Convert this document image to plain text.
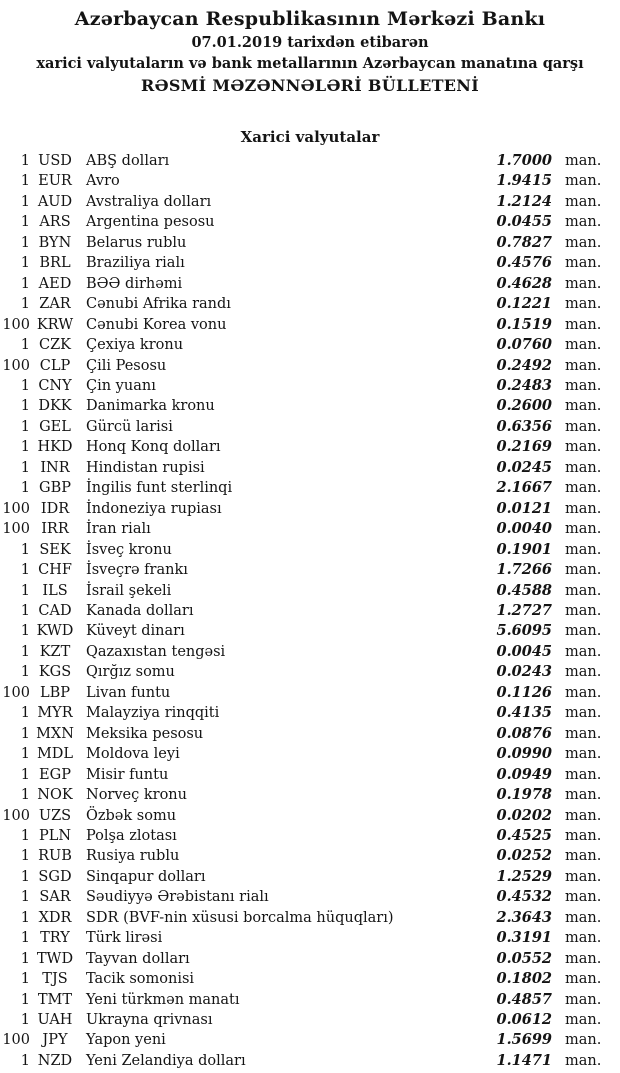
Azərbaycan Respublikasının Mərkəzi Bankı
07.01.2019 tarixdən etibarən
xarici valyutaların və bank metallarının Azərbaycan manatına qarşı
RƏSMİ MƏZƏNNƏLƏRİ BÜLLETENİ
Xarici valyutalar
1 USD ABŞ dolları	1.7000 man.
1 EUR Avro	1.9415 man.
1 AUD Avstraliya dolları	1.2124 man.
1 ARS	Argentina pesosu	0.0455 man.
1 BYN	Belarus rublu	0.7827 man.
1 BRL	Braziliya rialı	0.4576 man.
1 AED	BƏƏ dirhəmi	0.4628 man.
1 ZAR	Cənubi Afrika randı	0.1221 man.
100 KRW Cənubi Korea vonu	0.1519 man.
1 CZK	Çexiya kronu	0.0760 man.
100 CLP	Çili Pesosu	0.2492 man.
1 CNY Çin yuanı	0.2483 man.
1 DKK Danimarka kronu	0.2600 man.
1 GEL	Gürcü larisi	0.6356 man.
1 HKD Honq Konq dolları	0.2169 man.
1 INR	Hindistan rupisi	0.0245 man.
1 GBP	İngilis funt sterlinqi	2.1667 man.
100 IDR	İndoneziya rupiası	0.0121 man.
100 IRR	İran rialı	0.0040 man.
1 SEK	İsveç kronu	0.1901 man.
1 CHF İsveçrə frankı	1.7266 man.
1 ILS	İsrail şekeli	0.4588 man.
1 CAD Kanada dolları	1.2727 man.
1 KWD Küveyt dinarı	5.6095 man.
1 KZT	Qazaxıstan tengəsi	0.0045 man.
1 KGS	Qırğız somu	0.0243 man.
100 LBP	Livan funtu	0.1126 man.
1 MYR Malayziya rinqqiti	0.4135 man.
1 MXN Meksika pesosu	0.0876 man.
1 MDL Moldova leyi	0.0990 man.
1 EGP	Misir funtu	0.0949 man.
1 NOK Norveç kronu	0.1978 man.
100 UZS	Özbək somu	0.0202 man.
1 PLN	Polşa zlotası	0.4525 man.
1 RUB Rusiya rublu	0.0252 man.
1 SGD Sinqapur dolları	1.2529 man.
1 SAR	Səudiyyə Ərəbistanı rialı	0.4532 man.
1 XDR	SDR (BVF-nin xüsusi borcalma hüquqları)	2.3643 man.
1 TRY	Türk lirəsi	0.3191 man.
1 TWD Tayvan dolları	0.0552 man.
1 TJS	Tacik somonisi	0.1802 man.
1 TMT Yeni türkmən manatı	0.4857 man.
1 UAH Ukrayna qrivnası	0.0612 man.
100 JPY	Yapon yeni	1.5699 man.
1 NZD Yeni Zelandiya dolları	1.1471 man.
